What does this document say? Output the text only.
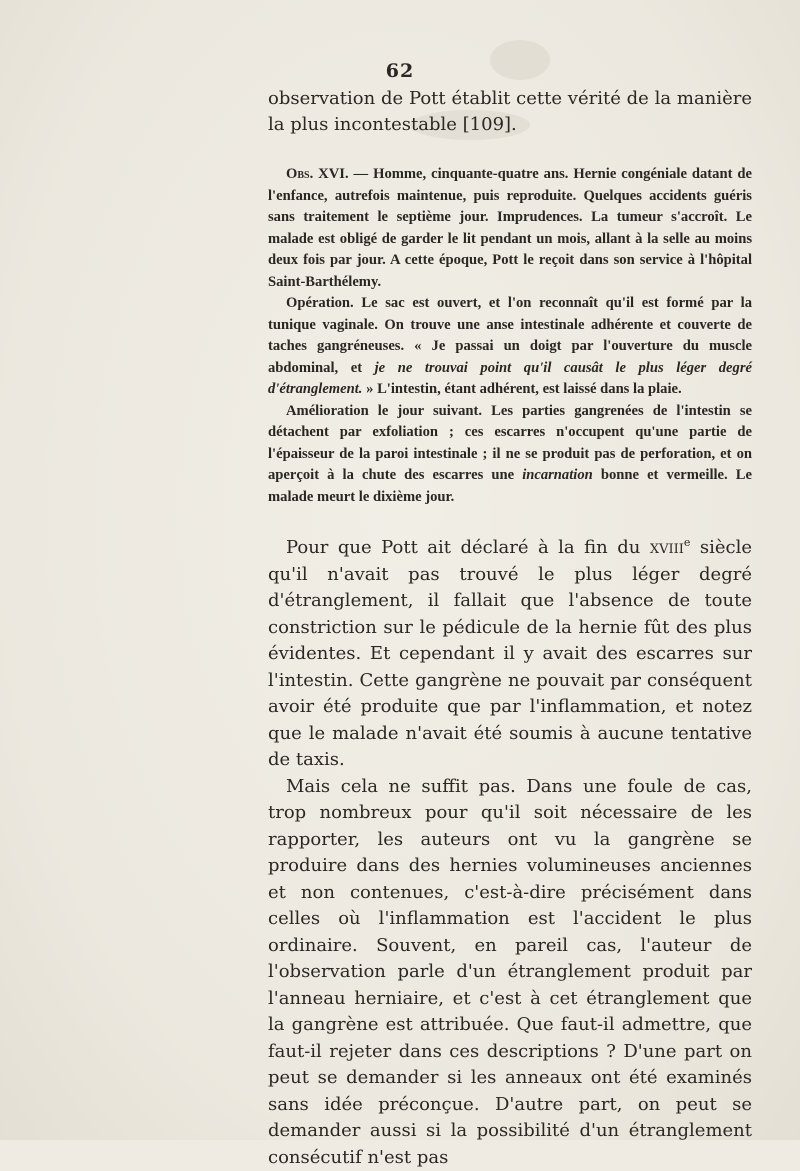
62

observation de Pott établit cette vérité de la manière la plus incontestable [109].

Obs. XVI. — Homme, cinquante-quatre ans. Hernie congéniale datant de l'enfance, autrefois maintenue, puis reproduite. Quelques accidents guéris sans traitement le septième jour. Imprudences. La tumeur s'accroît. Le malade est obligé de garder le lit pendant un mois, allant à la selle au moins deux fois par jour. A cette époque, Pott le reçoit dans son service à l'hôpital Saint-Barthélemy.

Opération. Le sac est ouvert, et l'on reconnaît qu'il est formé par la tunique vaginale. On trouve une anse intestinale adhérente et couverte de taches gangréneuses. « Je passai un doigt par l'ouverture du muscle abdominal, et je ne trouvai point qu'il causât le plus léger degré d'étranglement. » L'intestin, étant adhérent, est laissé dans la plaie.

Amélioration le jour suivant. Les parties gangrenées de l'intestin se détachent par exfoliation ; ces escarres n'occupent qu'une partie de l'épaisseur de la paroi intestinale ; il ne se produit pas de perforation, et on aperçoit à la chute des escarres une incarnation bonne et vermeille. Le malade meurt le dixième jour.

Pour que Pott ait déclaré à la fin du xviii$^e$ siècle qu'il n'avait pas trouvé le plus léger degré d'étranglement, il fallait que l'absence de toute constriction sur le pédicule de la hernie fût des plus évidentes. Et cependant il y avait des escarres sur l'intestin. Cette gangrène ne pouvait par conséquent avoir été produite que par l'inflammation, et notez que le malade n'avait été soumis à aucune tentative de taxis.

Mais cela ne suffit pas. Dans une foule de cas, trop nombreux pour qu'il soit nécessaire de les rapporter, les auteurs ont vu la gangrène se produire dans des hernies volumineuses anciennes et non contenues, c'est-à-dire précisément dans celles où l'inflammation est l'accident le plus ordinaire. Souvent, en pareil cas, l'auteur de l'observation parle d'un étranglement produit par l'anneau herniaire, et c'est à cet étranglement que la gangrène est attribuée. Que faut-il admettre, que faut-il rejeter dans ces descriptions ? D'une part on peut se demander si les anneaux ont été examinés sans idée préconçue. D'autre part, on peut se demander aussi si la possibilité d'un étranglement consécutif n'est pas
